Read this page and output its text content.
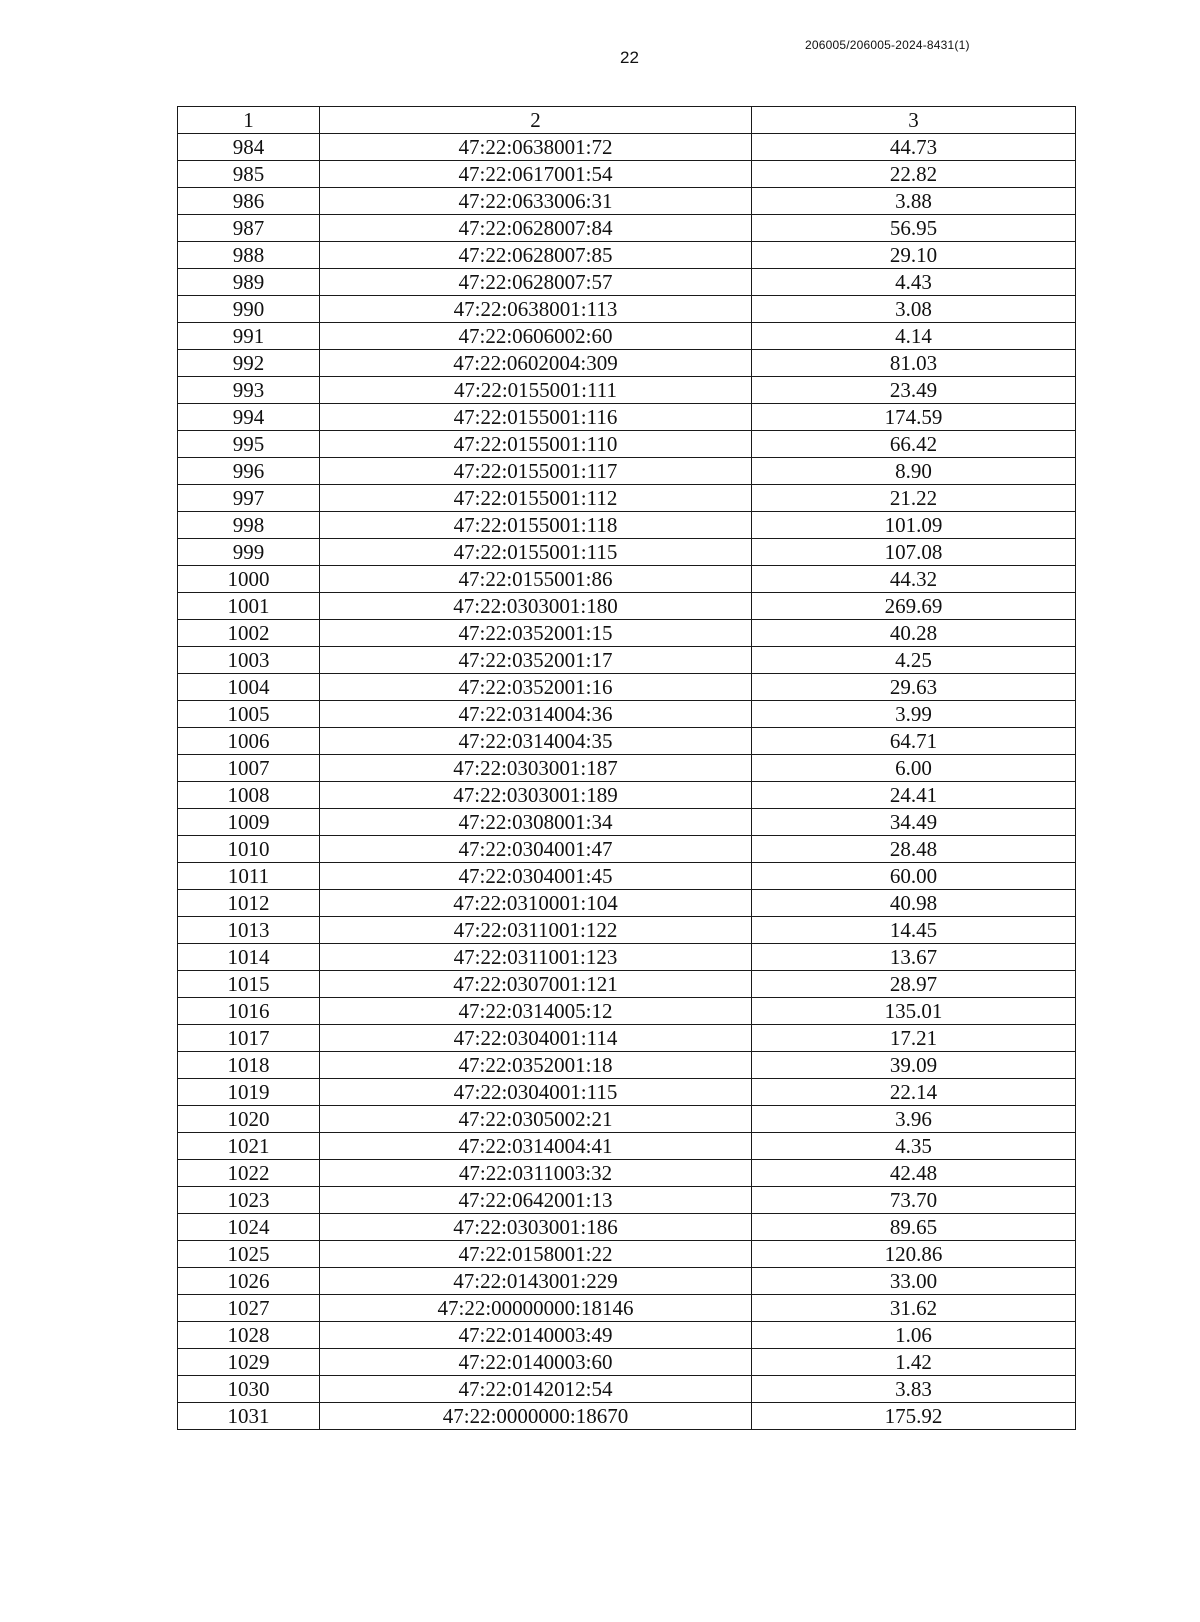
22
206005/206005-2024-8431(1)
1	2	3
984	47:22:0638001:72	44.73
985	47:22:0617001:54	22.82
986	47:22:0633006:31	3.88
987	47:22:0628007:84	56.95
988	47:22:0628007:85	29.10
989	47:22:0628007:57	4.43
990	47:22:0638001:113	3.08
991	47:22:0606002:60	4.14
992	47:22:0602004:309	81.03
993	47:22:0155001:111	23.49
994	47:22:0155001:116	174.59
995	47:22:0155001:110	66.42
996	47:22:0155001:117	8.90
997	47:22:0155001:112	21.22
998	47:22:0155001:118	101.09
999	47:22:0155001:115	107.08
1000	47:22:0155001:86	44.32
1001	47:22:0303001:180	269.69
1002	47:22:0352001:15	40.28
1003	47:22:0352001:17	4.25
1004	47:22:0352001:16	29.63
1005	47:22:0314004:36	3.99
1006	47:22:0314004:35	64.71
1007	47:22:0303001:187	6.00
1008	47:22:0303001:189	24.41
1009	47:22:0308001:34	34.49
1010	47:22:0304001:47	28.48
1011	47:22:0304001:45	60.00
1012	47:22:0310001:104	40.98
1013	47:22:0311001:122	14.45
1014	47:22:0311001:123	13.67
1015	47:22:0307001:121	28.97
1016	47:22:0314005:12	135.01
1017	47:22:0304001:114	17.21
1018	47:22:0352001:18	39.09
1019	47:22:0304001:115	22.14
1020	47:22:0305002:21	3.96
1021	47:22:0314004:41	4.35
1022	47:22:0311003:32	42.48
1023	47:22:0642001:13	73.70
1024	47:22:0303001:186	89.65
1025	47:22:0158001:22	120.86
1026	47:22:0143001:229	33.00
1027	47:22:00000000:18146	31.62
1028	47:22:0140003:49	1.06
1029	47:22:0140003:60	1.42
1030	47:22:0142012:54	3.83
1031	47:22:0000000:18670	175.92
